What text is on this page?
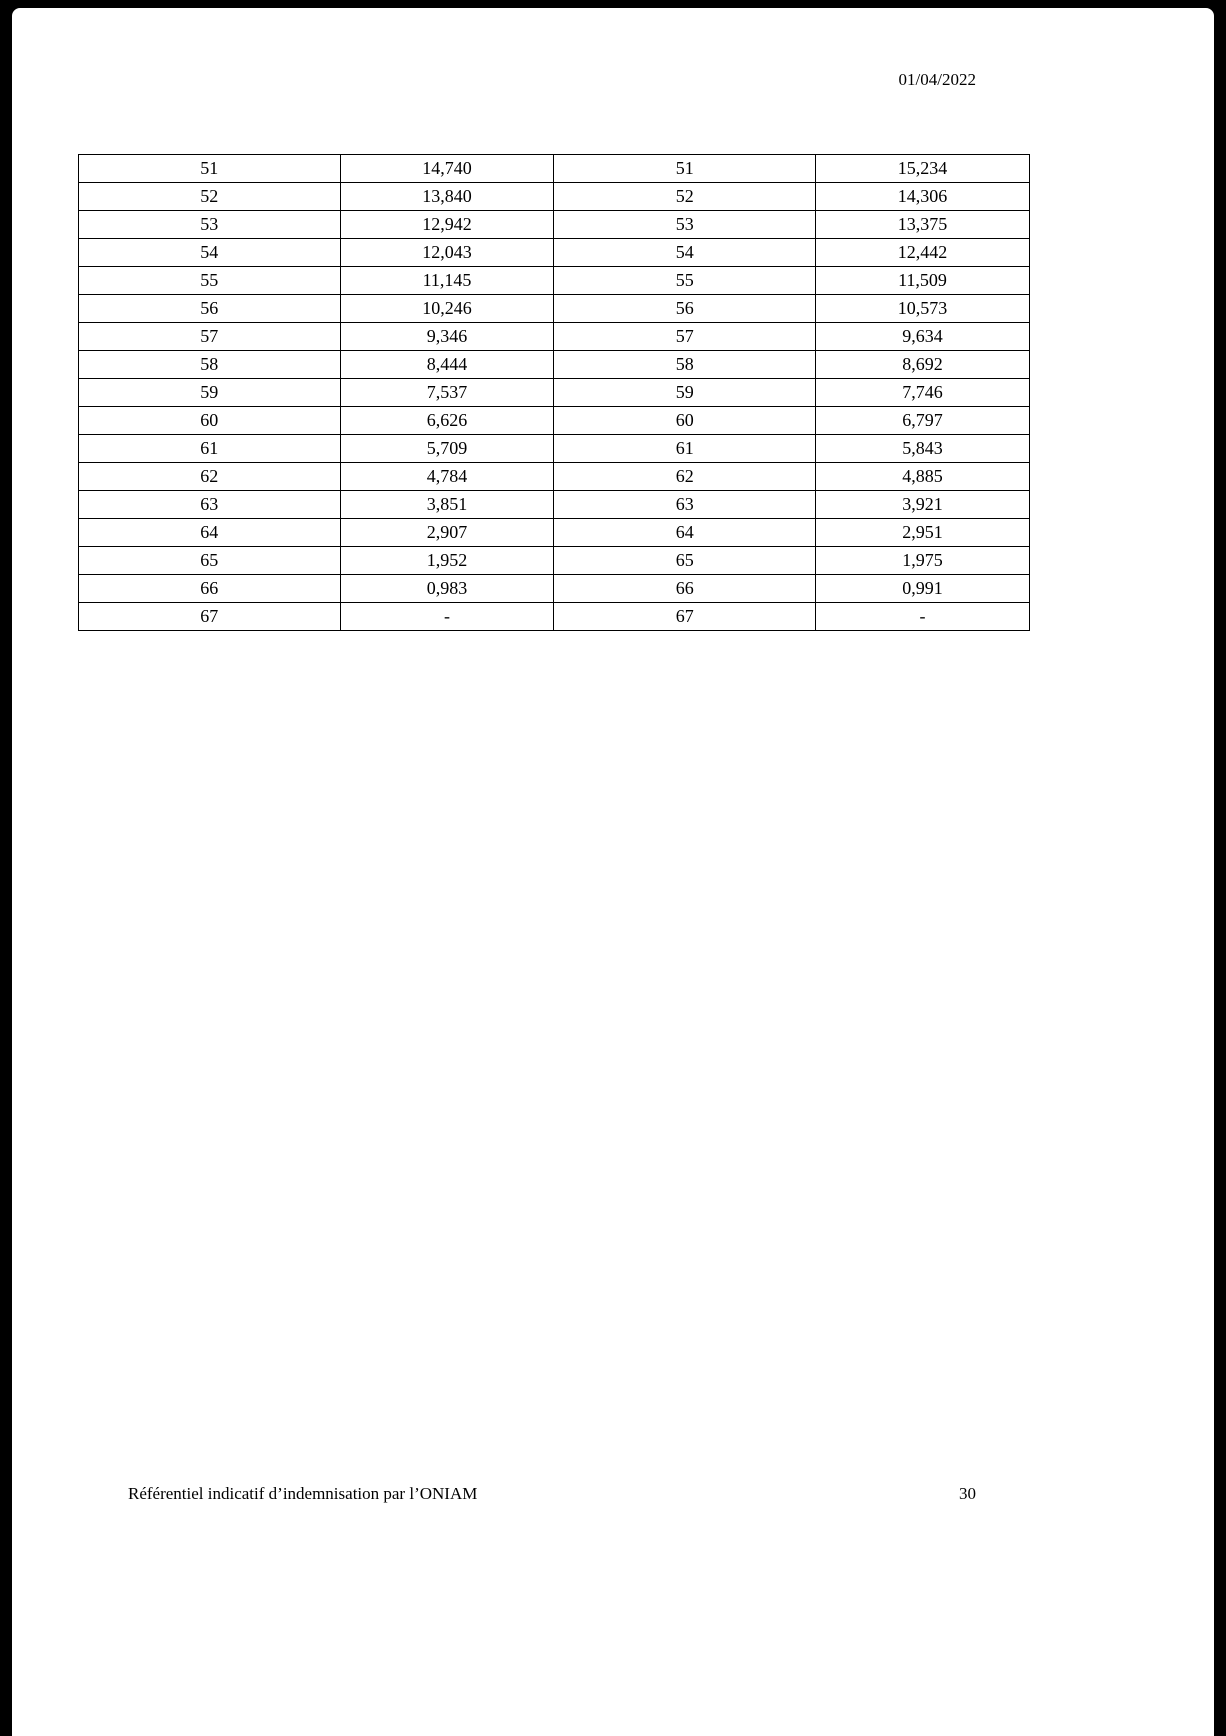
01/04/2022
51	14,740	51	15,234
52	13,840	52	14,306
53	12,942	53	13,375
54	12,043	54	12,442
55	11,145	55	11,509
56	10,246	56	10,573
57	9,346	57	9,634
58	8,444	58	8,692
59	7,537	59	7,746
60	6,626	60	6,797
61	5,709	61	5,843
62	4,784	62	4,885
63	3,851	63	3,921
64	2,907	64	2,951
65	1,952	65	1,975
66	0,983	66	0,991
67	-	67	-
Référentiel indicatif d’indemnisation par l’ONIAM	30
